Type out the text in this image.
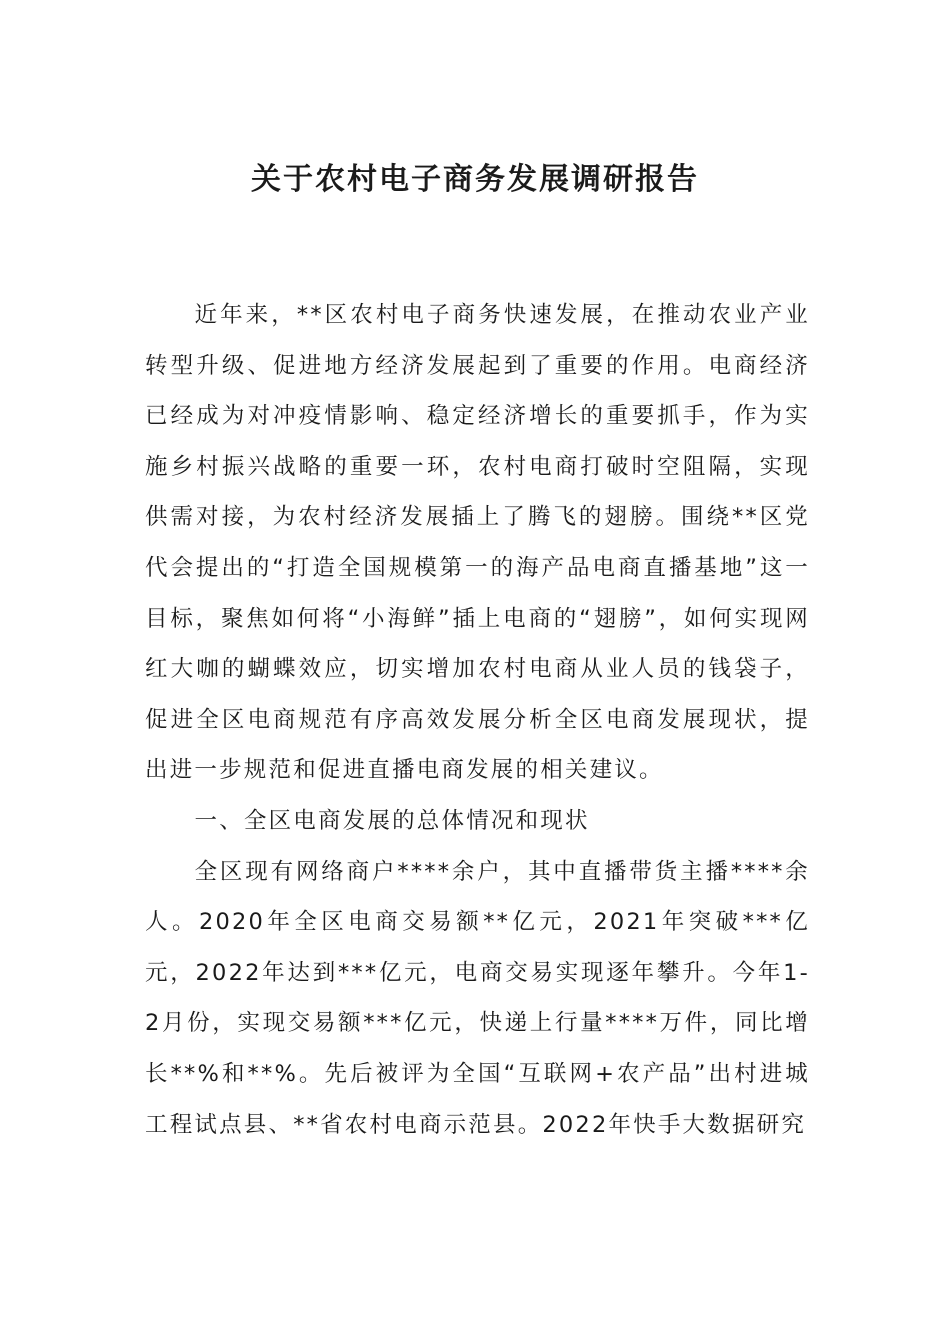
关于农村电子商务发展调研报告

近年来，**区农村电子商务快速发展，在推动农业产业转型升级、促进地方经济发展起到了重要的作用。电商经济已经成为对冲疫情影响、稳定经济增长的重要抓手，作为实施乡村振兴战略的重要一环，农村电商打破时空阻隔，实现供需对接，为农村经济发展插上了腾飞的翅膀。围绕**区党代会提出的“打造全国规模第一的海产品电商直播基地”这一目标，聚焦如何将“小海鲜”插上电商的“翅膀”，如何实现网红大咖的蝴蝶效应，切实增加农村电商从业人员的钱袋子，促进全区电商规范有序高效发展分析全区电商发展现状，提出进一步规范和促进直播电商发展的相关建议。

一、全区电商发展的总体情况和现状

全区现有网络商户****余户，其中直播带货主播****余人。2020年全区电商交易额**亿元，2021年突破***亿元，2022年达到***亿元，电商交易实现逐年攀升。今年1-2月份，实现交易额***亿元，快递上行量****万件，同比增长**%和**%。先后被评为全国“互联网+农产品”出村进城工程试点县、**省农村电商示范县。2022年快手大数据研究
